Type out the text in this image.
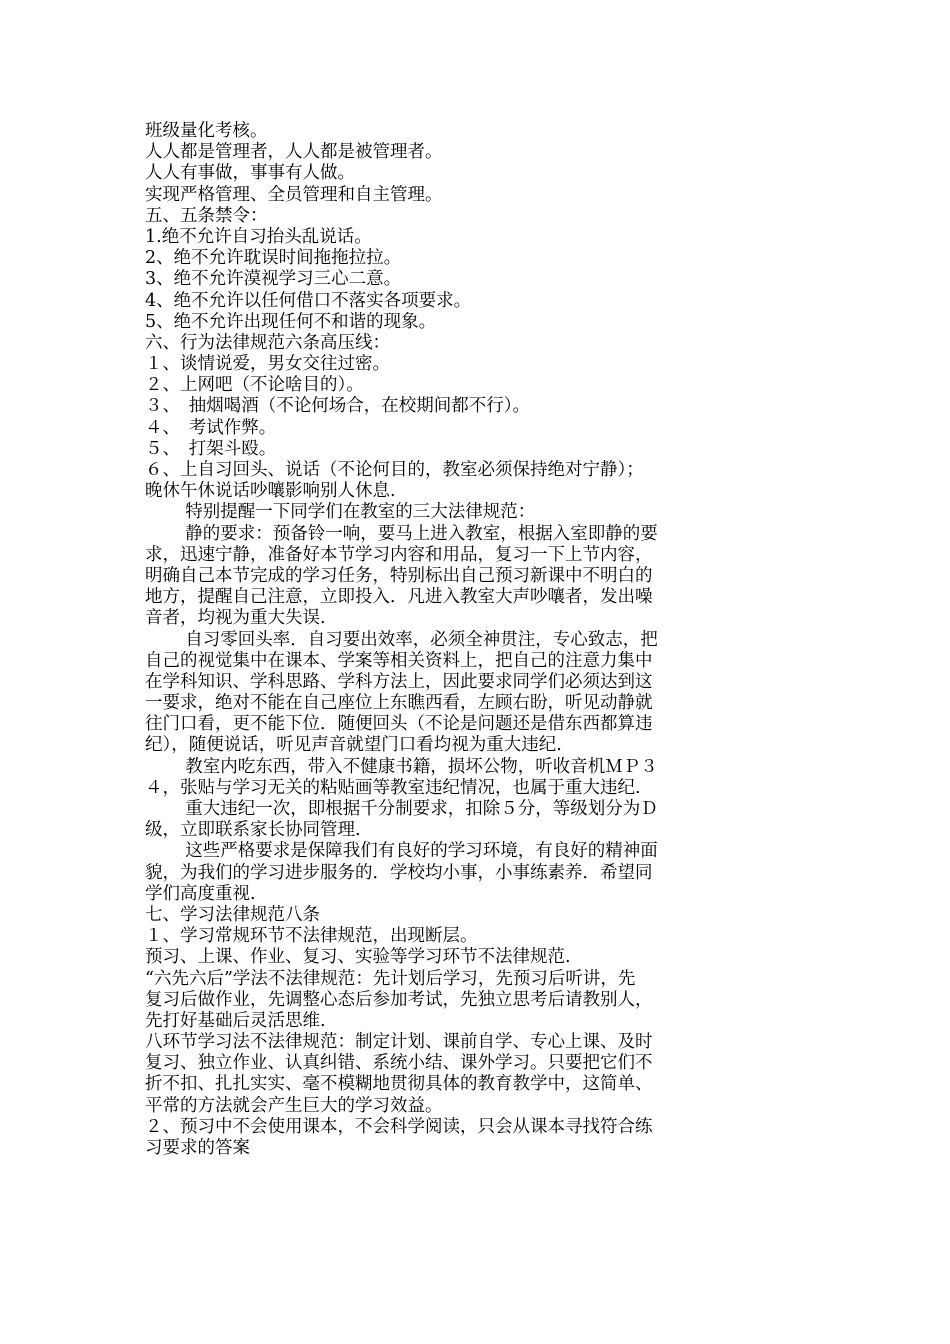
班级量化考核。
人人都是管理者，人人都是被管理者。
人人有事做，事事有人做。
实现严格管理、全员管理和自主管理。
五、五条禁令：
1.绝不允许自习抬头乱说话。
2、绝不允许耽误时间拖拖拉拉。
3、绝不允许漠视学习三心二意。
4、绝不允许以任何借口不落实各项要求。
5、绝不允许出现任何不和谐的现象。
六、行为法律规范六条高压线：
１、谈情说爱，男女交往过密。
２、上网吧（不论啥目的）。
３、　抽烟喝酒（不论何场合，在校期间都不行）。
４、　考试作弊。
５、　打架斗殴。
６、上自习回头、说话（不论何目的，教室必须保持绝对宁静）；
晚休午休说话吵嚷影响别人休息.
特别提醒一下同学们在教室的三大法律规范：
静的要求：预备铃一响，要马上进入教室，根据入室即静的要
求，迅速宁静，准备好本节学习内容和用品，复习一下上节内容，
明确自己本节完成的学习任务，特别标出自己预习新课中不明白的
地方，提醒自己注意，立即投入．凡进入教室大声吵嚷者，发出噪
音者，均视为重大失误.
自习零回头率．自习要出效率，必须全神贯注，专心致志，把
自己的视觉集中在课本、学案等相关资料上，把自己的注意力集中
在学科知识、学科思路、学科方法上，因此要求同学们必须达到这
一要求，绝对不能在自己座位上东瞧西看，左顾右盼，听见动静就
往门口看，更不能下位．随便回头（不论是问题还是借东西都算违
纪），随便说话，听见声音就望门口看均视为重大违纪.
教室内吃东西，带入不健康书籍，损坏公物，听收音机ＭＰ３
４，张贴与学习无关的粘贴画等教室违纪情况，也属于重大违纪.
重大违纪一次，即根据千分制要求，扣除５分，等级划分为Ｄ
级，立即联系家长协同管理.
这些严格要求是保障我们有良好的学习环境，有良好的精神面
貌，为我们的学习进步服务的．学校均小事，小事练素养．希望同
学们高度重视.
七、学习法律规范八条
１、学习常规环节不法律规范，出现断层。
预习、上课、作业、复习、实验等学习环节不法律规范.
“六先六后”学法不法律规范：先计划后学习，先预习后听讲，先
复习后做作业，先调整心态后参加考试，先独立思考后请教别人，
先打好基础后灵活思维.
八环节学习法不法律规范：制定计划、课前自学、专心上课、及时
复习、独立作业、认真纠错、系统小结、课外学习。只要把它们不
折不扣、扎扎实实、毫不模糊地贯彻具体的教育教学中，这简单、
平常的方法就会产生巨大的学习效益。
２、预习中不会使用课本，不会科学阅读，只会从课本寻找符合练
习要求的答案
